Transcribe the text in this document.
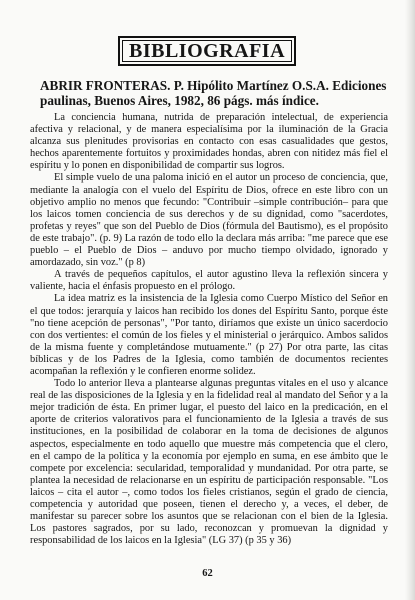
BIBLIOGRAFIA
ABRIR FRONTERAS. P. Hipólito Martínez O.S.A. Ediciones paulinas, Buenos Aires, 1982, 86 págs. más índice.

La conciencia humana, nutrida de preparación intelectual, de experiencia afectiva y relacional, y de manera especialísima por la iluminación de la Gracia alcanza sus plenitudes provisorias en contacto con esas casualidades que gestos, hechos aparentemente fortuitos y proximidades hondas, abren con nitidez más fiel el espíritu y lo ponen en disponibilidad de compartir sus logros.

El simple vuelo de una paloma inició en el autor un proceso de conciencia, que, mediante la analogía con el vuelo del Espíritu de Dios, ofrece en este libro con un objetivo amplio no menos que fecundo: "Contribuir –simple contribución– para que los laicos tomen conciencia de sus derechos y de su dignidad, como "sacerdotes, profetas y reyes" que son del Pueblo de Dios (fórmula del Bautismo), es el propósito de este trabajo". (p. 9) La razón de todo ello la declara más arriba: "me parece que ese pueblo – el Pueblo de Dios – anduvo por mucho tiempo olvidado, ignorado y amordazado, sin voz." (p 8)

A través de pequeños capítulos, el autor agustino lleva la reflexión sincera y valiente, hacia el énfasis propuesto en el prólogo.

La idea matriz es la insistencia de la Iglesia como Cuerpo Místico del Señor en el que todos: jerarquía y laicos han recibido los dones del Espíritu Santo, porque éste "no tiene acepción de personas", "Por tanto, diríamos que existe un único sacerdocio con dos vertientes: el común de los fieles y el ministerial o jerárquico. Ambos salidos de la misma fuente y completándose mutuamente." (p 27) Por otra parte, las citas bíblicas y de los Padres de la Iglesia, como también de documentos recientes acompañan la reflexión y le confieren enorme solidez.

Todo lo anterior lleva a plantearse algunas preguntas vitales en el uso y alcance real de las disposiciones de la Iglesia y en la fidelidad real al mandato del Señor y a la mejor tradición de ésta. En primer lugar, el puesto del laico en la predicación, en el aporte de criterios valorativos para el funcionamiento de la Iglesia a través de sus instituciones, en la posibilidad de colaborar en la toma de decisiones de algunos aspectos, especialmente en todo aquello que muestre más competencia que el clero, en el campo de la política y la economía por ejemplo en suma, en ese ámbito que le compete por excelencia: secularidad, temporalidad y mundanidad. Por otra parte, se plantea la necesidad de relacionarse en un espíritu de participación responsable. "Los laicos – cita el autor –, como todos los fieles cristianos, según el grado de ciencia, competencia y autoridad que poseen, tienen el derecho y, a veces, el deber, de manifestar su parecer sobre los asuntos que se relacionan con el bien de la Iglesia. Los pastores sagrados, por su lado, reconozcan y promuevan la dignidad y responsabilidad de los laicos en la Iglesia" (LG 37) (p 35 y 36)

62
